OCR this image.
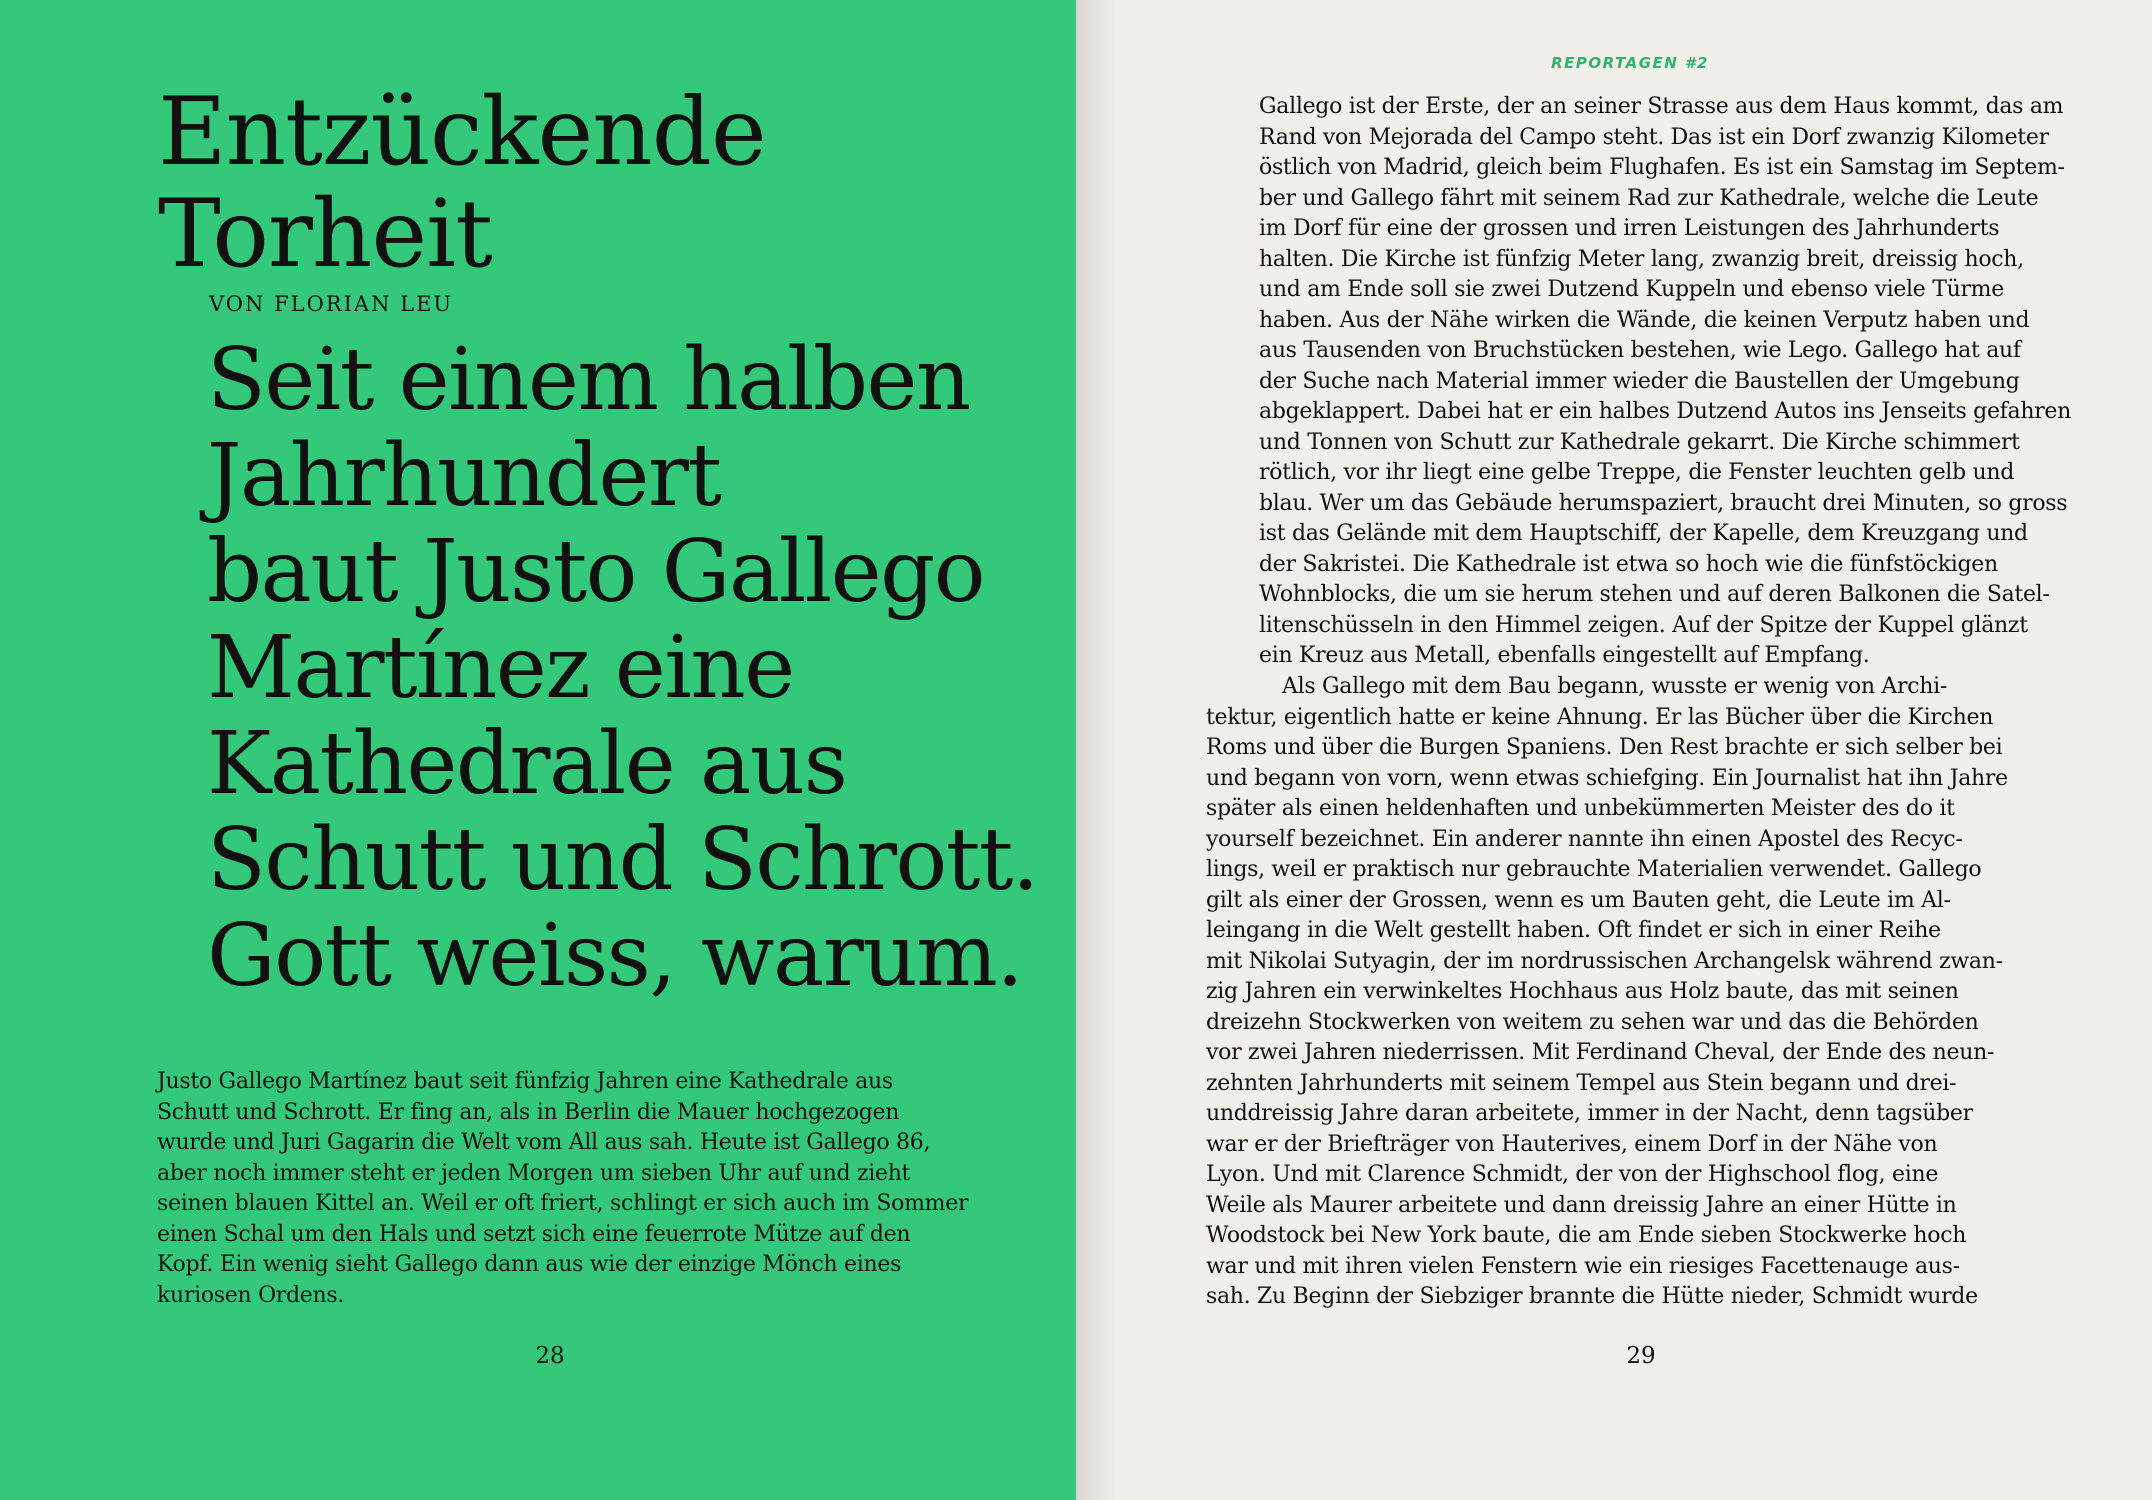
Entzückende
Torheit
VON FLORIAN LEU
Seit einem halben
Jahrhundert
baut Justo Gallego
Martínez eine
Kathedrale aus
Schutt und Schrott.
Gott weiss, warum.
Justo Gallego Martínez baut seit fünfzig Jahren eine Kathedrale aus
Schutt und Schrott. Er fing an, als in Berlin die Mauer hochgezogen
wurde und Juri Gagarin die Welt vom All aus sah. Heute ist Gallego 86,
aber noch immer steht er jeden Morgen um sieben Uhr auf und zieht
seinen blauen Kittel an. Weil er oft friert, schlingt er sich auch im Sommer
einen Schal um den Hals und setzt sich eine feuerrote Mütze auf den
Kopf. Ein wenig sieht Gallego dann aus wie der einzige Mönch eines
kuriosen Ordens.
28
REPORTAGEN #2
Gallego ist der Erste, der an seiner Strasse aus dem Haus kommt, das am
Rand von Mejorada del Campo steht. Das ist ein Dorf zwanzig Kilometer
östlich von Madrid, gleich beim Flughafen. Es ist ein Samstag im Septem-
ber und Gallego fährt mit seinem Rad zur Kathedrale, welche die Leute
im Dorf für eine der grossen und irren Leistungen des Jahrhunderts
halten. Die Kirche ist fünfzig Meter lang, zwanzig breit, dreissig hoch,
und am Ende soll sie zwei Dutzend Kuppeln und ebenso viele Türme
haben. Aus der Nähe wirken die Wände, die keinen Verputz haben und
aus Tausenden von Bruchstücken bestehen, wie Lego. Gallego hat auf
der Suche nach Material immer wieder die Baustellen der Umgebung
abgeklappert. Dabei hat er ein halbes Dutzend Autos ins Jenseits gefahren
und Tonnen von Schutt zur Kathedrale gekarrt. Die Kirche schimmert
rötlich, vor ihr liegt eine gelbe Treppe, die Fenster leuchten gelb und
blau. Wer um das Gebäude herumspaziert, braucht drei Minuten, so gross
ist das Gelände mit dem Hauptschiff, der Kapelle, dem Kreuzgang und
der Sakristei. Die Kathedrale ist etwa so hoch wie die fünfstöckigen
Wohnblocks, die um sie herum stehen und auf deren Balkonen die Satel-
litenschüsseln in den Himmel zeigen. Auf der Spitze der Kuppel glänzt
ein Kreuz aus Metall, ebenfalls eingestellt auf Empfang.
Als Gallego mit dem Bau begann, wusste er wenig von Archi-
tektur, eigentlich hatte er keine Ahnung. Er las Bücher über die Kirchen
Roms und über die Burgen Spaniens. Den Rest brachte er sich selber bei
und begann von vorn, wenn etwas schiefging. Ein Journalist hat ihn Jahre
später als einen heldenhaften und unbekümmerten Meister des do it
yourself bezeichnet. Ein anderer nannte ihn einen Apostel des Recyc-
lings, weil er praktisch nur gebrauchte Materialien verwendet. Gallego
gilt als einer der Grossen, wenn es um Bauten geht, die Leute im Al-
leingang in die Welt gestellt haben. Oft findet er sich in einer Reihe
mit Nikolai Sutyagin, der im nordrussischen Archangelsk während zwan-
zig Jahren ein verwinkeltes Hochhaus aus Holz baute, das mit seinen
dreizehn Stockwerken von weitem zu sehen war und das die Behörden
vor zwei Jahren niederrissen. Mit Ferdinand Cheval, der Ende des neun-
zehnten Jahrhunderts mit seinem Tempel aus Stein begann und drei-
unddreissig Jahre daran arbeitete, immer in der Nacht, denn tagsüber
war er der Briefträger von Hauterives, einem Dorf in der Nähe von
Lyon. Und mit Clarence Schmidt, der von der Highschool flog, eine
Weile als Maurer arbeitete und dann dreissig Jahre an einer Hütte in
Woodstock bei New York baute, die am Ende sieben Stockwerke hoch
war und mit ihren vielen Fenstern wie ein riesiges Facettenauge aus-
sah. Zu Beginn der Siebziger brannte die Hütte nieder, Schmidt wurde
29
